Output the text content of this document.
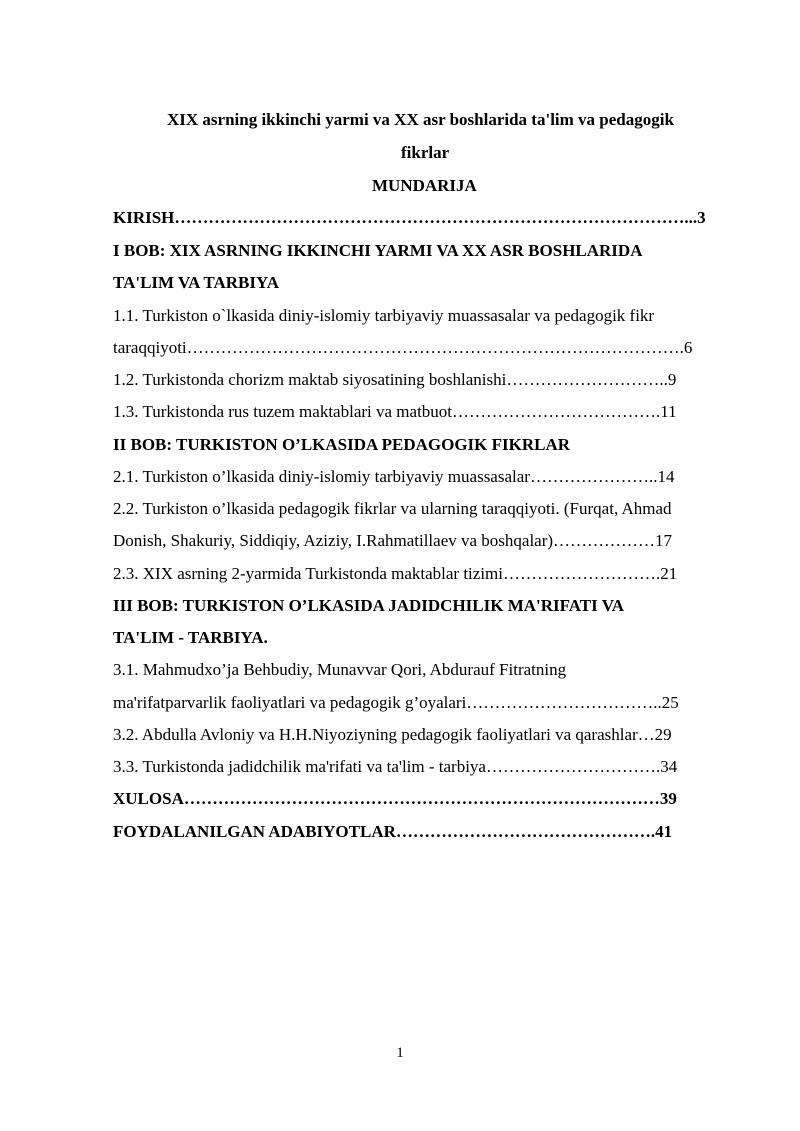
XIX asrning ikkinchi yarmi va XX asr boshlarida ta'lim va pedagogik
fikrlar
MUNDARIJA
KIRISH………………………………………………………………………………...3
I BOB: XIX ASRNING IKKINCHI YARMI VA XX ASR BOSHLARIDA
TA'LIM VA TARBIYA
1.1. Turkiston o`lkasida diniy-islomiy tarbiyaviy muassasalar va pedagogik fikr
taraqqiyoti…………………………………………………………………………….6
1.2. Turkistonda chorizm maktab siyosatining boshlanishi………………………..9
1.3. Turkistonda rus tuzem maktablari va matbuot……………………………….11
II BOB: TURKISTON O’LKASIDA PEDAGOGIK FIKRLAR
2.1. Turkiston o’lkasida diniy-islomiy tarbiyaviy muassasalar…………………..14
2.2. Turkiston o’lkasida pedagogik fikrlar va ularning taraqqiyoti. (Furqat, Ahmad
Donish, Shakuriy, Siddiqiy, Aziziy, I.Rahmatillaev va boshqalar)………………17
2.3. XIX asrning 2-yarmida Turkistonda maktablar tizimi……………………….21
III BOB: TURKISTON O’LKASIDA JADIDCHILIK MA'RIFATI VA
TA'LIM - TARBIYA.
3.1. Mahmudxo’ja Behbudiy, Munavvar Qori, Abdurauf Fitratning
ma'rifatparvarlik faoliyatlari va pedagogik g’oyalari……………………………..25
3.2. Abdulla Avloniy va H.H.Niyoziyning pedagogik faoliyatlari va qarashlar…29
3.3. Turkistonda jadidchilik ma'rifati va ta'lim - tarbiya………………………….34
XULOSA…………………………………………………………………………39
FOYDALANILGAN ADABIYOTLAR……………………………………….41
1
